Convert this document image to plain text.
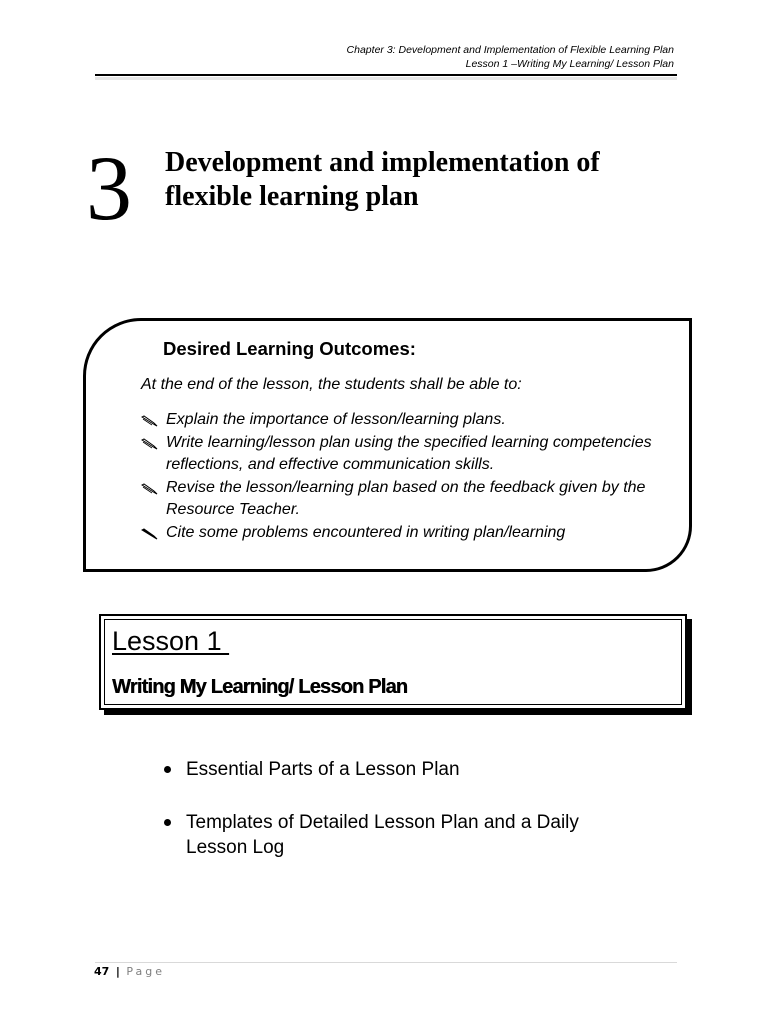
Chapter 3: Development and Implementation of Flexible Learning Plan
Lesson 1 –Writing My Learning/ Lesson Plan
3 Development and implementation of flexible learning plan
Desired Learning Outcomes:
At the end of the lesson, the students shall be able to:
Explain the importance of lesson/learning plans.
Write learning/lesson plan using the specified learning competencies reflections, and effective communication skills.
Revise the lesson/learning plan based on the feedback given by the Resource Teacher.
Cite some problems encountered in writing plan/learning
Lesson 1
Writing My Learning/ Lesson Plan
Essential Parts of a Lesson Plan
Templates of Detailed Lesson Plan and a Daily Lesson Log
47 | Page
